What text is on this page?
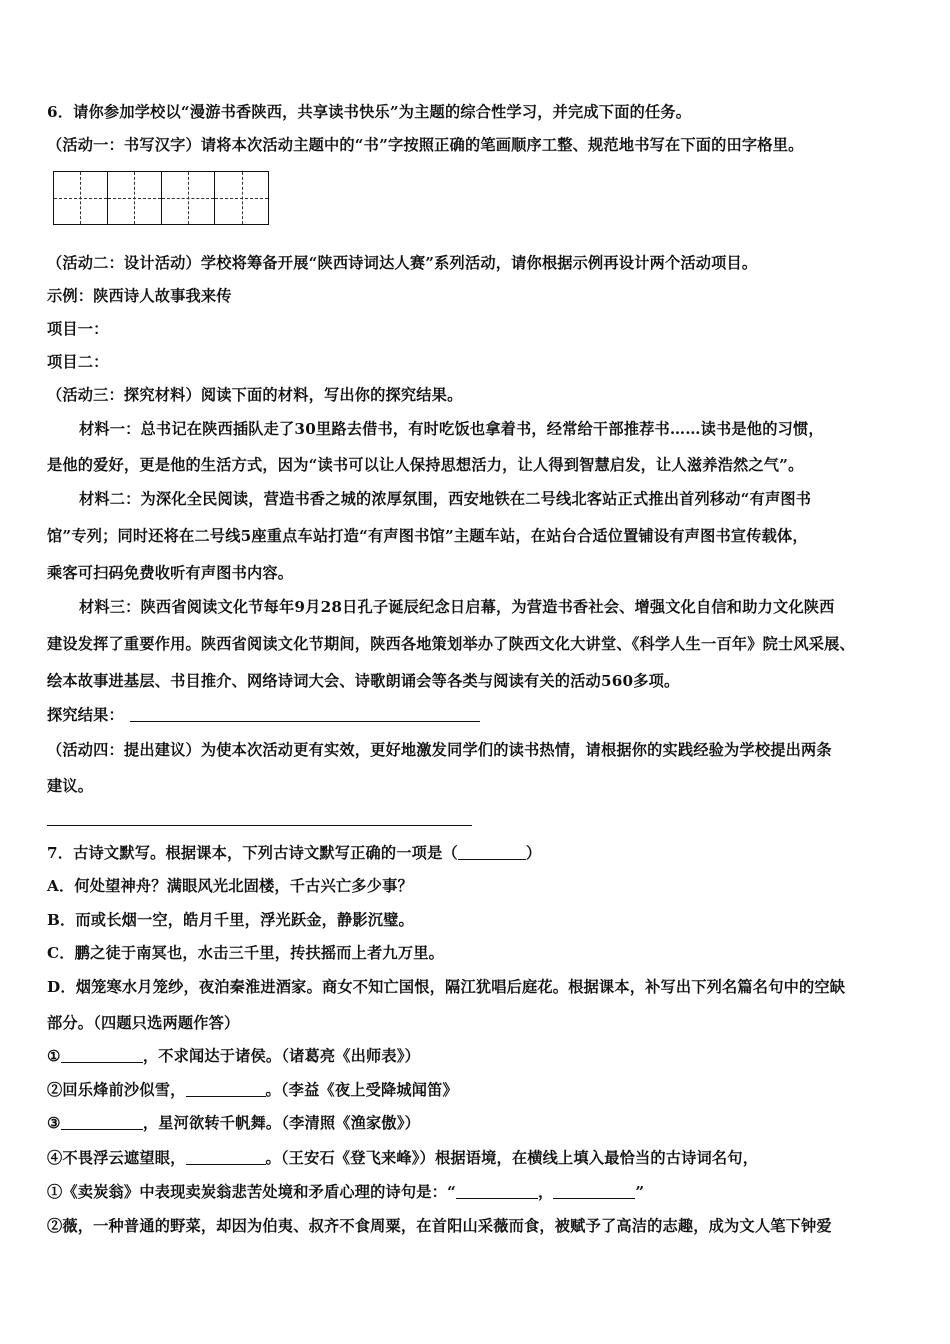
6．请你参加学校以“漫游书香陕西，共享读书快乐”为主题的综合性学习，并完成下面的任务。
（活动一：书写汉字）请将本次活动主题中的“书”字按照正确的笔画顺序工整、规范地书写在下面的田字格里。
（活动二：设计活动）学校将筹备开展“陕西诗词达人赛”系列活动，请你根据示例再设计两个活动项目。
示例：陕西诗人故事我来传
项目一：
项目二：
（活动三：探究材料）阅读下面的材料，写出你的探究结果。
材料一：总书记在陕西插队走了30里路去借书，有时吃饭也拿着书，经常给干部推荐书……读书是他的习惯，
是他的爱好，更是他的生活方式，因为“读书可以让人保持思想活力，让人得到智慧启发，让人滋养浩然之气”。
材料二：为深化全民阅读，营造书香之城的浓厚氛围，西安地铁在二号线北客站正式推出首列移动“有声图书
馆”专列；同时还将在二号线5座重点车站打造“有声图书馆”主题车站，在站台合适位置铺设有声图书宣传载体，
乘客可扫码免费收听有声图书内容。
材料三：陕西省阅读文化节每年9月28日孔子诞辰纪念日启幕，为营造书香社会、增强文化自信和助力文化陕西
建设发挥了重要作用。陕西省阅读文化节期间，陕西各地策划举办了陕西文化大讲堂、《科学人生一百年》院士风采展、
绘本故事进基层、书目推介、网络诗词大会、诗歌朗诵会等各类与阅读有关的活动560多项。
探究结果：
（活动四：提出建议）为使本次活动更有实效，更好地激发同学们的读书热情，请根据你的实践经验为学校提出两条
建议。
7．古诗文默写。根据课本，下列古诗文默写正确的一项是（	）
A．何处望神舟？满眼风光北固楼，千古兴亡多少事？
B．而或长烟一空，皓月千里，浮光跃金，静影沉璧。
C．鹏之徒于南冥也，水击三千里，抟扶摇而上者九万里。
D．烟笼寒水月笼纱，夜泊秦淮进酒家。商女不知亡国恨，隔江犹唱后庭花。根据课本，补写出下列名篇名句中的空缺
部分。（四题只选两题作答）
①	，不求闻达于诸侯。（诸葛亮《出师表》）
②回乐烽前沙似雪，	。（李益《夜上受降城闻笛》
③	，星河欲转千帆舞。（李清照《渔家傲》）
④不畏浮云遮望眼，	。（王安石《登飞来峰》）根据语境，在横线上填入最恰当的古诗词名句，
①《卖炭翁》中表现卖炭翁悲苦处境和矛盾心理的诗句是：“	，	”
②薇，一种普通的野菜，却因为伯夷、叔齐不食周粟，在首阳山采薇而食，被赋予了高洁的志趣，成为文人笔下钟爱
